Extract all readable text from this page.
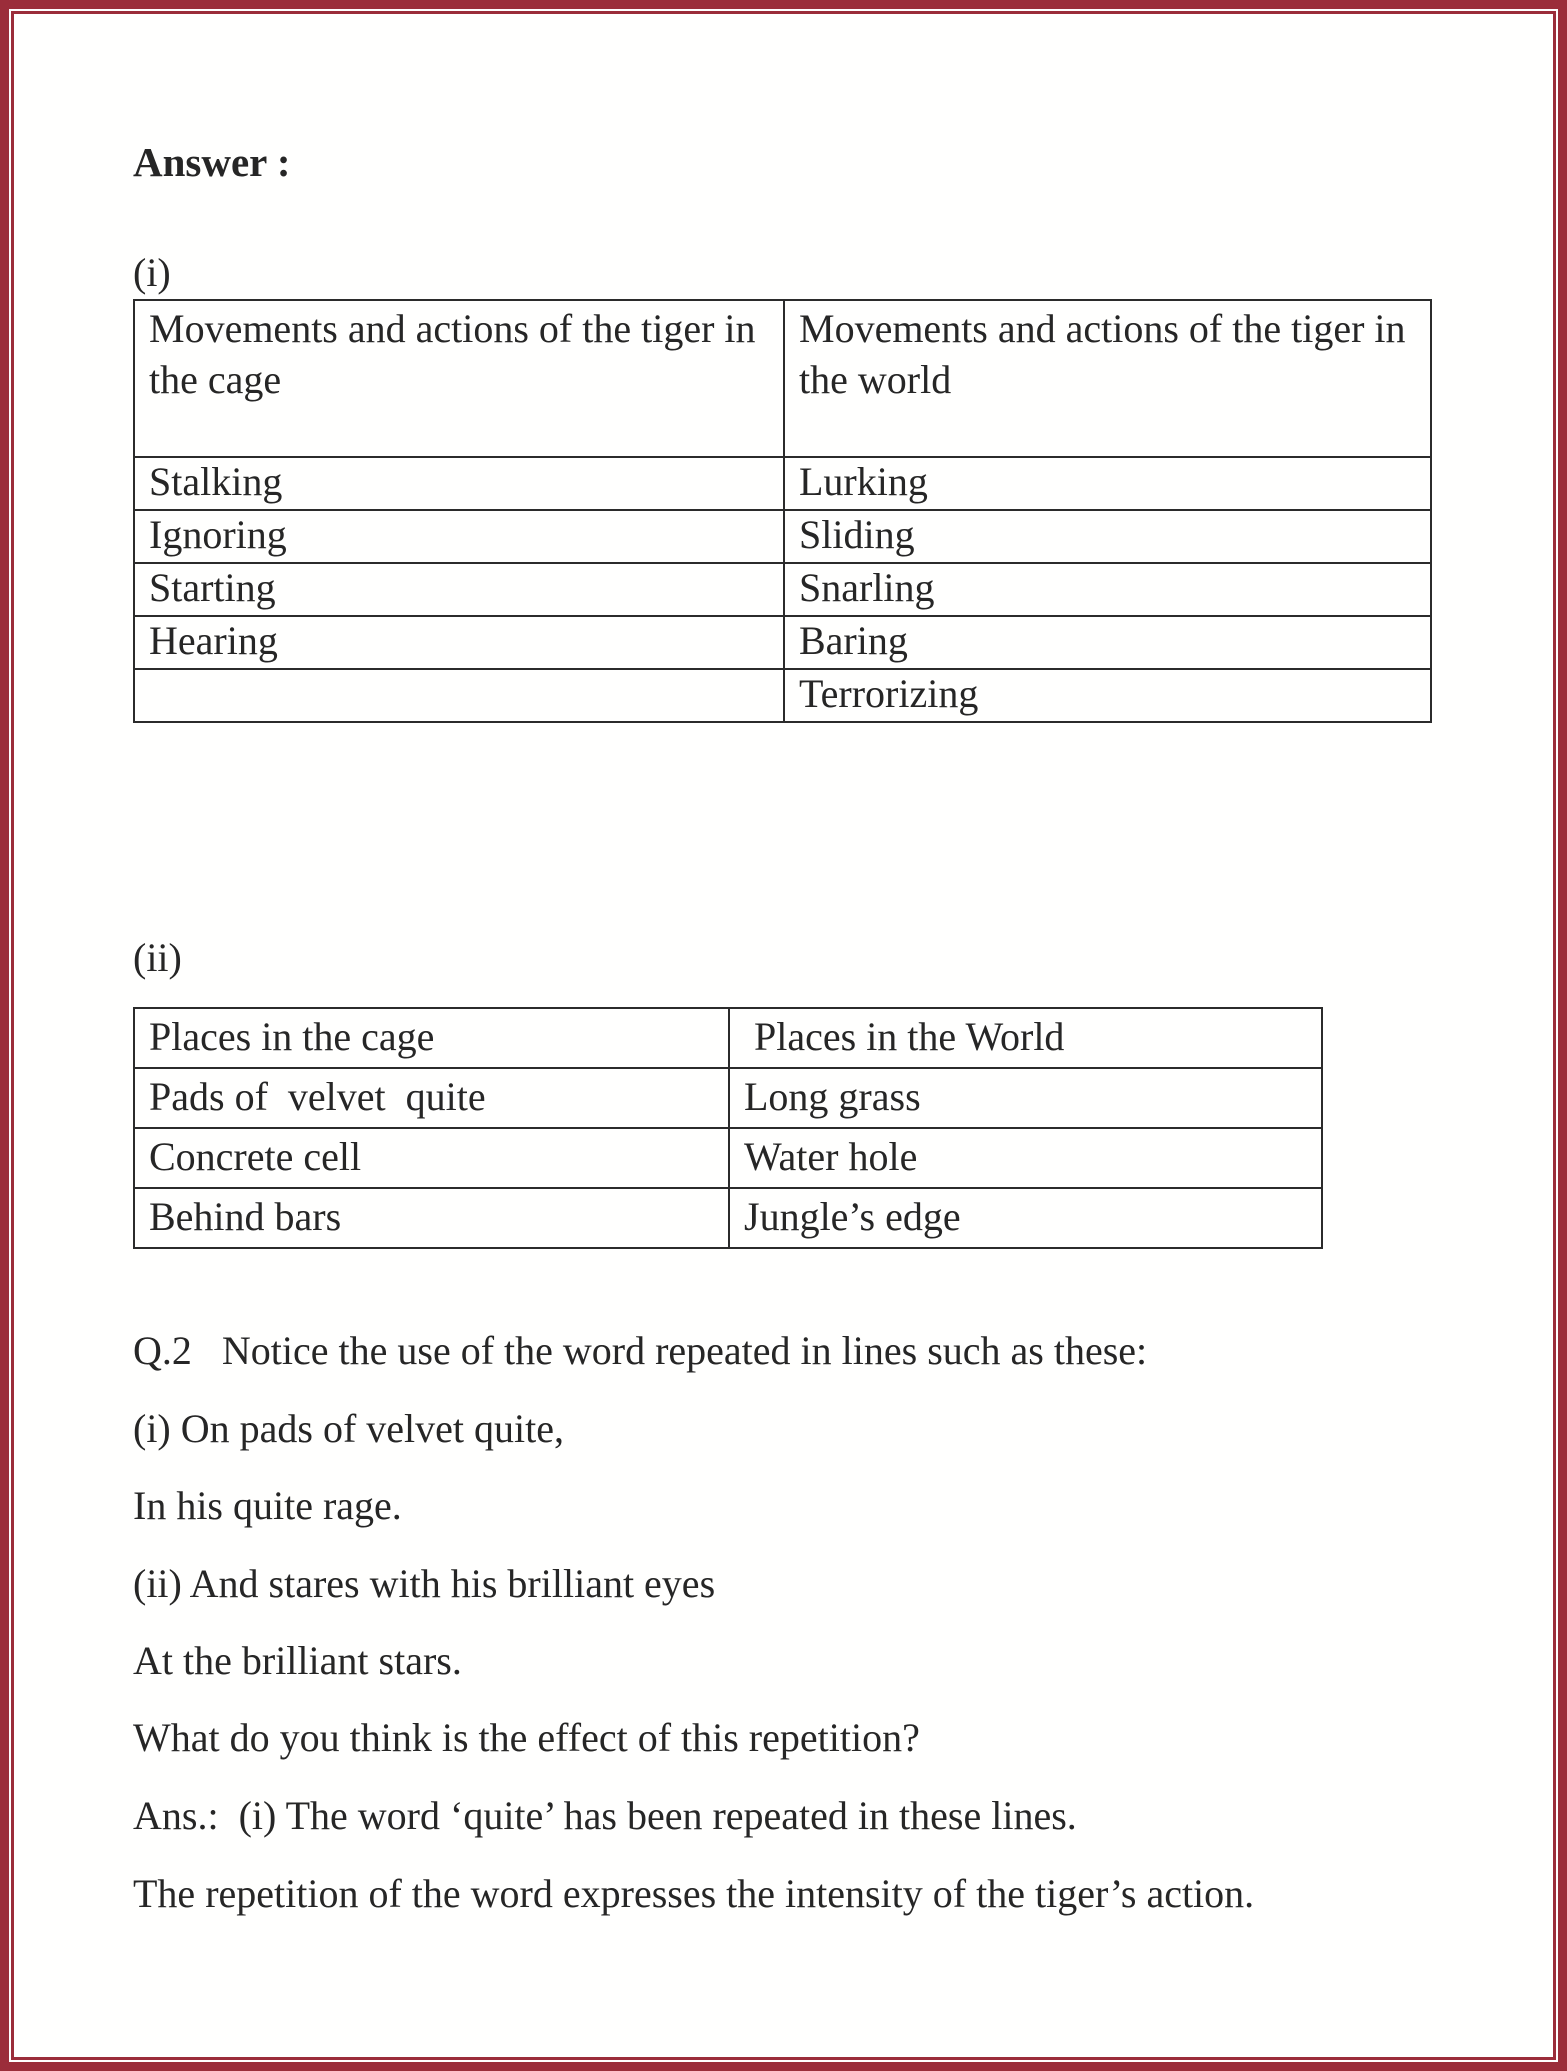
Answer :
(i)
Movements and actions of the tiger in the cage	Movements and actions of the tiger in the world
Stalking	Lurking
Ignoring	Sliding
Starting	Snarling
Hearing	Baring
	Terrorizing
(ii)
Places in the cage	Places in the World
Pads of  velvet  quite	Long grass
Concrete cell	Water hole
Behind bars	Jungle’s edge
Q.2   Notice the use of the word repeated in lines such as these:
(i) On pads of velvet quite,
In his quite rage.
(ii) And stares with his brilliant eyes
At the brilliant stars.
What do you think is the effect of this repetition?
Ans.:  (i) The word ‘quite’ has been repeated in these lines.
The repetition of the word expresses the intensity of the tiger’s action.
